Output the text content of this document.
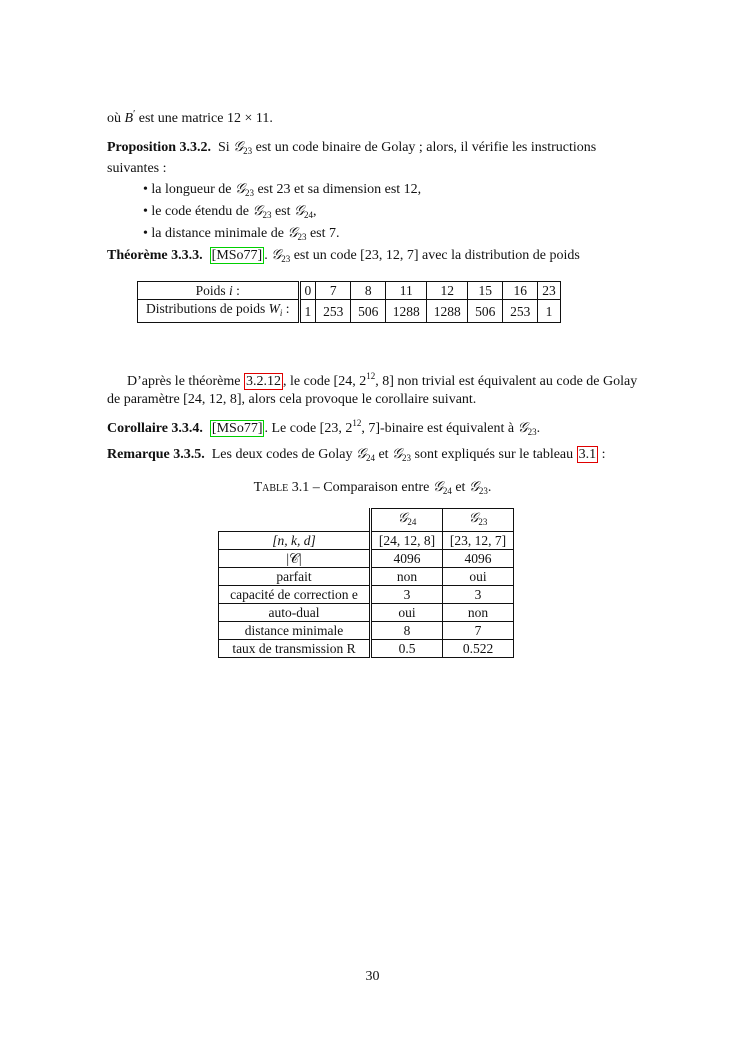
où B′ est une matrice 12 × 11.
Proposition 3.3.2. Si 𝒢$_{23}$ est un code binaire de Golay ; alors, il vérifie les instructions suivantes :
• la longueur de 𝒢$_{23}$ est 23 et sa dimension est 12,
• le code étendu de 𝒢$_{23}$ est 𝒢$_{24}$,
• la distance minimale de 𝒢$_{23}$ est 7.
Théorème 3.3.3. [MSo77] . 𝒢$_{23}$ est un code [23, 12, 7] avec la distribution de poids
Poids i :	0	7	8	11	12	15	16	23
Distributions de poids $W_i$ :	1	253	506	1288	1288	506	253	1
D’après le théorème 3.2.12 , le code [24, $2^{12}$, 8] non trivial est équivalent au code de Golay de paramètre [24, 12, 8], alors cela provoque le corollaire suivant.
Corollaire 3.3.4. [MSo77] . Le code [23, $2^{12}$, 7]-binaire est équivalent à 𝒢$_{23}$.
Remarque 3.3.5. Les deux codes de Golay 𝒢$_{24}$ et 𝒢$_{23}$ sont expliqués sur le tableau 3.1 :
Table 3.1 – Comparaison entre 𝒢$_{24}$ et 𝒢$_{23}$.
	𝒢$_{24}$	𝒢$_{23}$
[n, k, d]	[24, 12, 8]	[23, 12, 7]
|𝒞|	4096	4096
parfait	non	oui
capacité de correction e	3	3
auto-dual	oui	non
distance minimale	8	7
taux de transmission R	0.5	0.522
30
